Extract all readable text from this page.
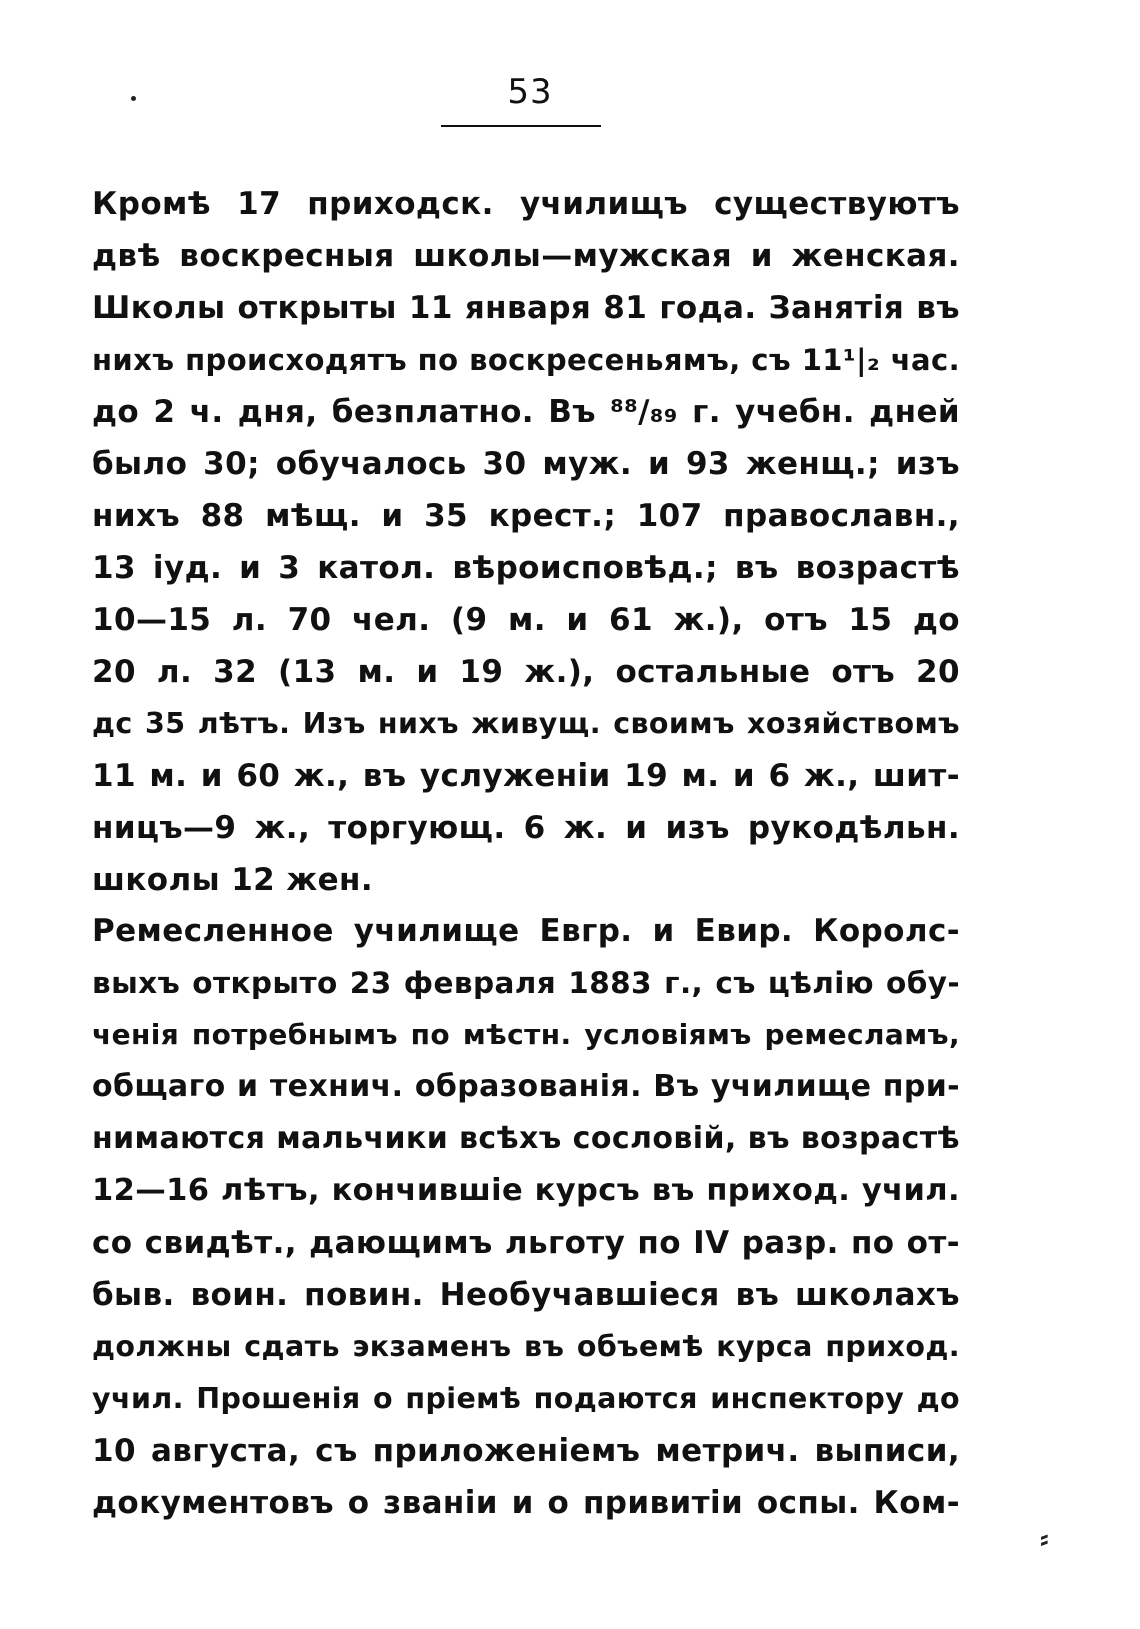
53

Кромѣ 17 приходск. училищъ существуютъ
двѣ воскресныя школы—мужская и женская.
Школы открыты 11 января 81 года. Занятія въ
нихъ происходятъ по воскресеньямъ, съ 11¹|₂ час.
до 2 ч. дня, безплатно. Въ ⁸⁸/₈₉ г. учебн. дней
было 30; обучалось 30 муж. и 93 женщ.; изъ
нихъ 88 мѣщ. и 35 крест.; 107 православн.,
13 іуд. и 3 катол. вѣроисповѣд.; въ возрастѣ
10—15 л. 70 чел. (9 м. и 61 ж.), отъ 15 до
20 л. 32 (13 м. и 19 ж.), остальные отъ 20
дс 35 лѣтъ. Изъ нихъ живущ. своимъ хозяйствомъ
11 м. и 60 ж., въ услуженіи 19 м. и 6 ж., шит-
ницъ—9 ж., торгующ. 6 ж. и изъ рукодѣльн.
школы 12 жен.

Ремесленное училище Евгр. и Евир. Королс-
выхъ открыто 23 февраля 1883 г., съ цѣлію обу-
ченія потребнымъ по мѣстн. условіямъ ремесламъ,
общаго и технич. образованія. Въ училище при-
нимаются мальчики всѣхъ сословій, въ возрастѣ
12—16 лѣтъ, кончившіе курсъ въ приход. учил.
со свидѣт., дающимъ льготу по IV разр. по от-
быв. воин. повин. Необучавшіеся въ школахъ
должны сдать экзаменъ въ объемѣ курса приход.
учил. Прошенія о пріемѣ подаются инспектору до
10 августа, съ приложеніемъ метрич. выписи,
документовъ о званіи и о привитіи оспы. Ком-

⸗
